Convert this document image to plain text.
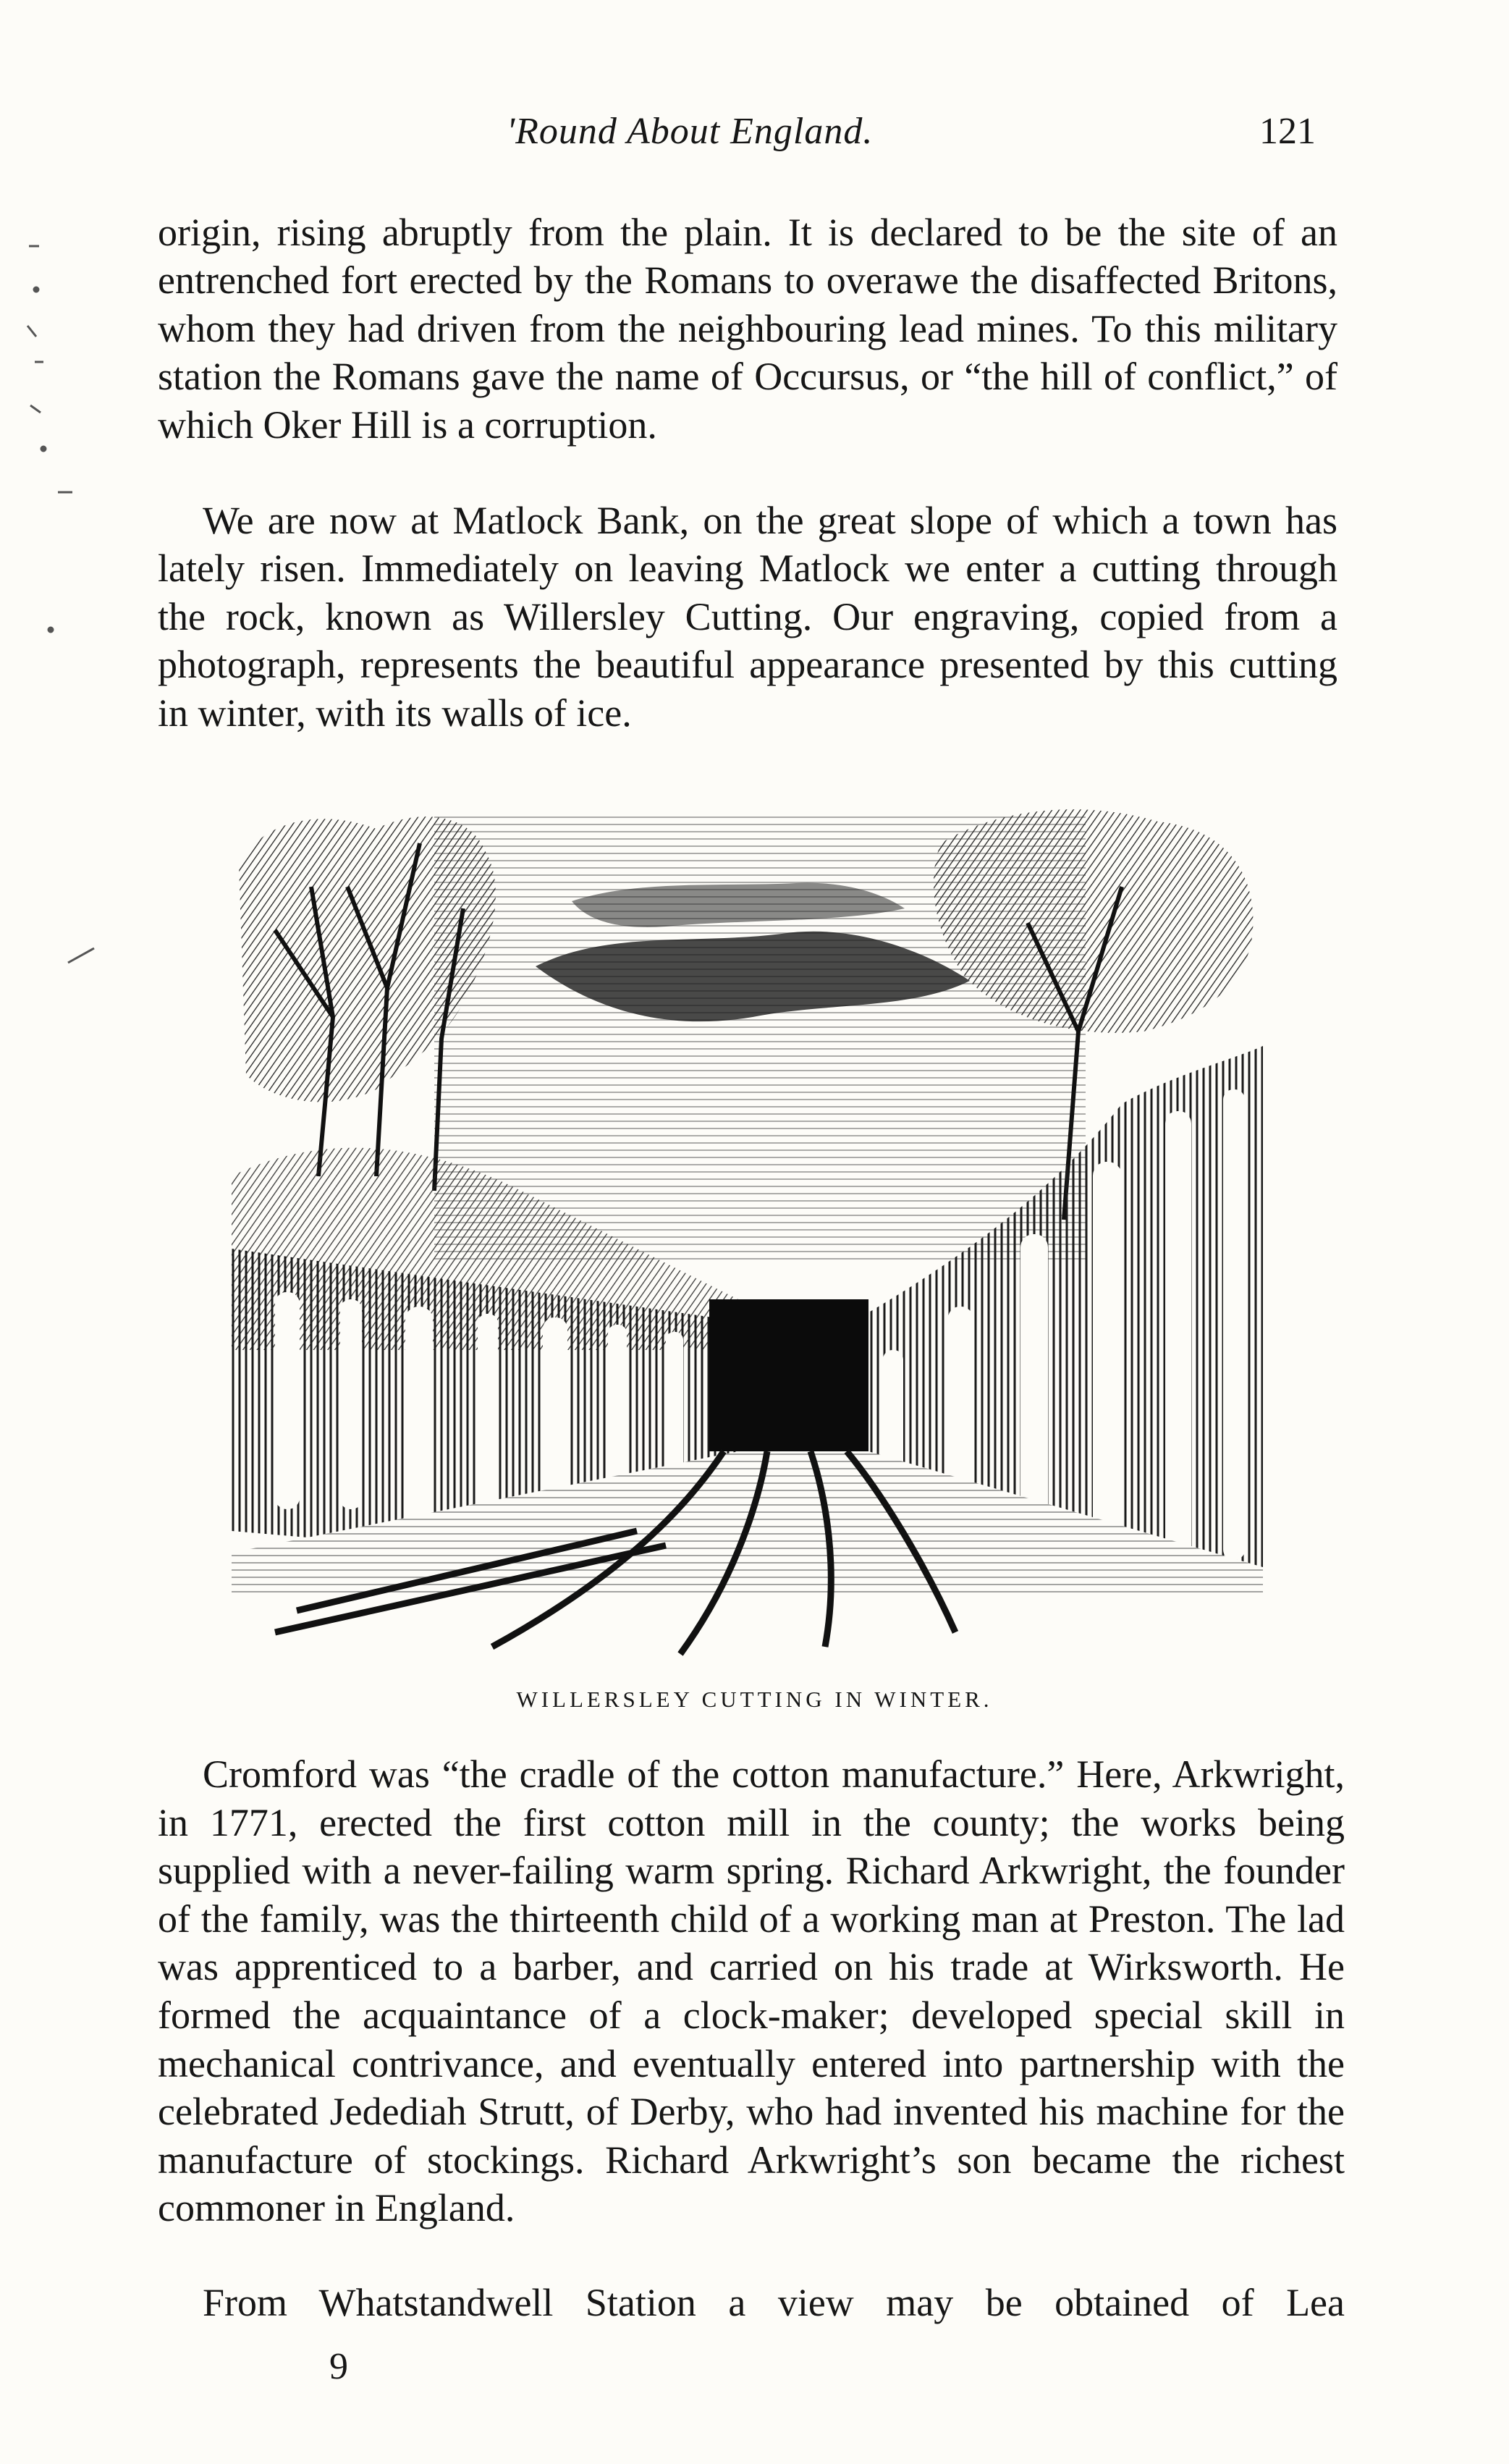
'Round About England.	121

origin, rising abruptly from the plain. It is declared to be the site of an entrenched fort erected by the Romans to overawe the disaffected Britons, whom they had driven from the neighbouring lead mines. To this military station the Romans gave the name of Occursus, or “the hill of conflict,” of which Oker Hill is a corruption.

We are now at Matlock Bank, on the great slope of which a town has lately risen. Immediately on leaving Matlock we enter a cutting through the rock, known as Willersley Cutting. Our engraving, copied from a photograph, represents the beautiful appearance presented by this cutting in winter, with its walls of ice.

WILLERSLEY CUTTING IN WINTER.

Cromford was “the cradle of the cotton manufacture.” Here, Arkwright, in 1771, erected the first cotton mill in the county; the works being supplied with a never-failing warm spring. Richard Arkwright, the founder of the family, was the thirteenth child of a working man at Preston. The lad was apprenticed to a barber, and carried on his trade at Wirksworth. He formed the acquaintance of a clock-maker; developed special skill in mechanical contrivance, and eventually entered into partnership with the celebrated Jedediah Strutt, of Derby, who had invented his machine for the manufacture of stockings. Richard Arkwright’s son became the richest commoner in England.

From Whatstandwell Station a view may be obtained of Lea

9
